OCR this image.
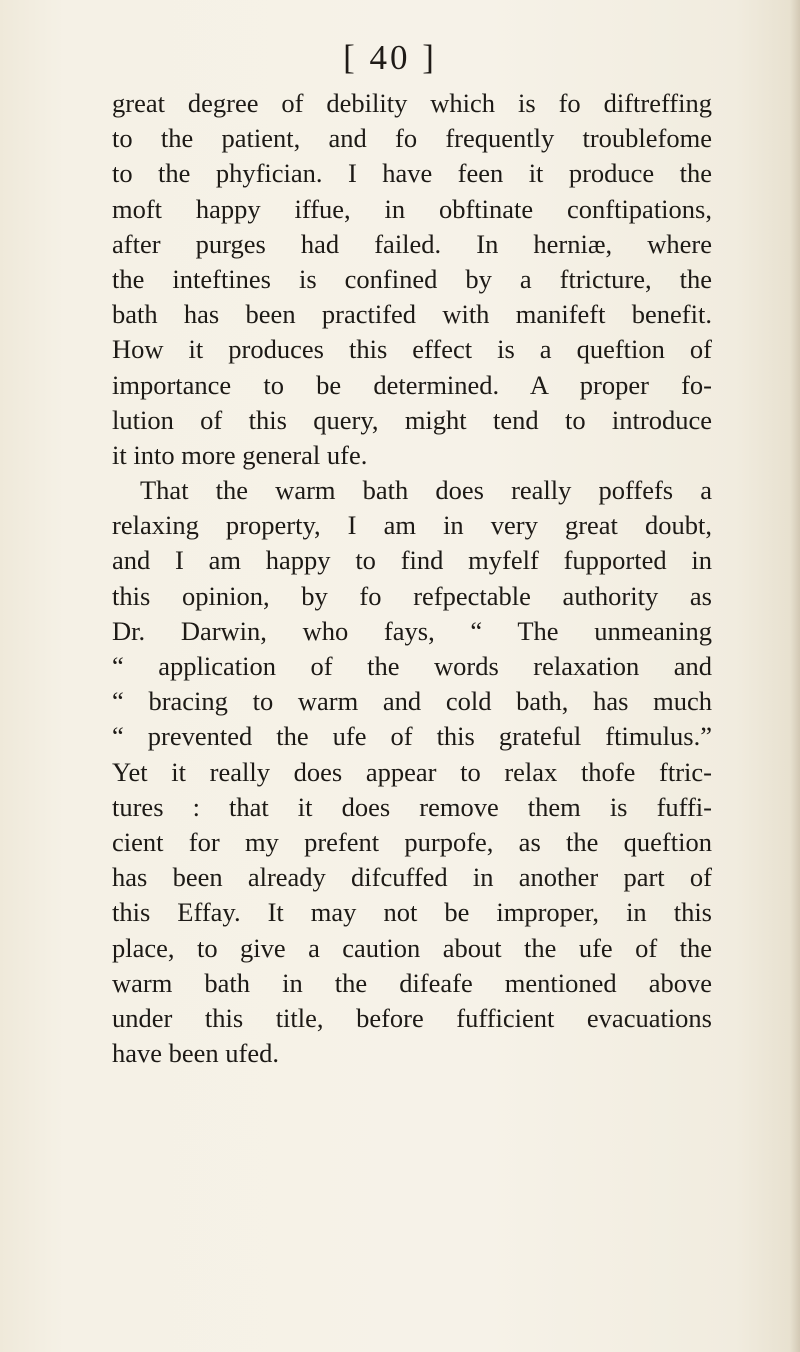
[ 40 ]
great degree of debility which is fo diftreffing
to the patient, and fo frequently troublefome
to the phyfician. I have feen it produce the
moft happy iffue, in obftinate conftipations,
after purges had failed. In herniæ, where
the inteftines is confined by a ftricture, the
bath has been practifed with manifeft benefit.
How it produces this effect is a queftion of
importance to be determined. A proper fo-
lution of this query, might tend to introduce
it into more general ufe.
That the warm bath does really poffefs a
relaxing property, I am in very great doubt,
and I am happy to find myfelf fupported in
this opinion, by fo refpectable authority as
Dr. Darwin, who fays, “ The unmeaning
“ application of the words relaxation and
“ bracing to warm and cold bath, has much
“ prevented the ufe of this grateful ftimulus.”
Yet it really does appear to relax thofe ftric-
tures : that it does remove them is fuffi-
cient for my prefent purpofe, as the queftion
has been already difcuffed in another part of
this Effay. It may not be improper, in this
place, to give a caution about the ufe of the
warm bath in the difeafe mentioned above
under this title, before fufficient evacuations
have been ufed.
